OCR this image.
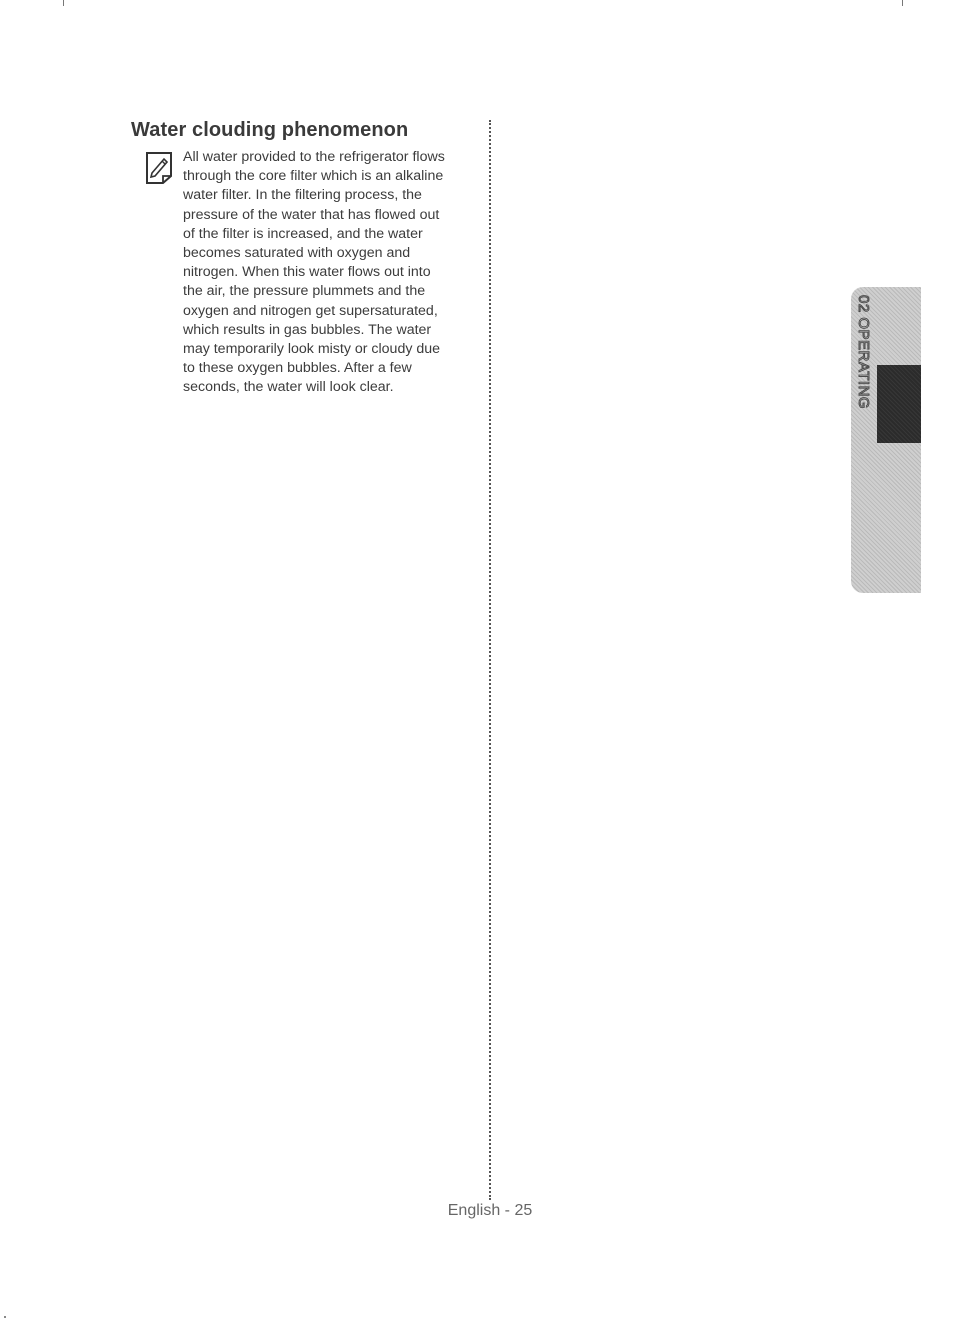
Water clouding phenomenon

All water provided to the refrigerator flows
through the core filter which is an alkaline
water filter. In the filtering process, the
pressure of the water that has flowed out
of the filter is increased, and the water
becomes saturated with oxygen and
nitrogen. When this water flows out into
the air, the pressure plummets and the
oxygen and nitrogen get supersaturated,
which results in gas bubbles. The water
may temporarily look misty or cloudy due
to these oxygen bubbles. After a few
seconds, the water will look clear.	02 OPERATING
English - 25
